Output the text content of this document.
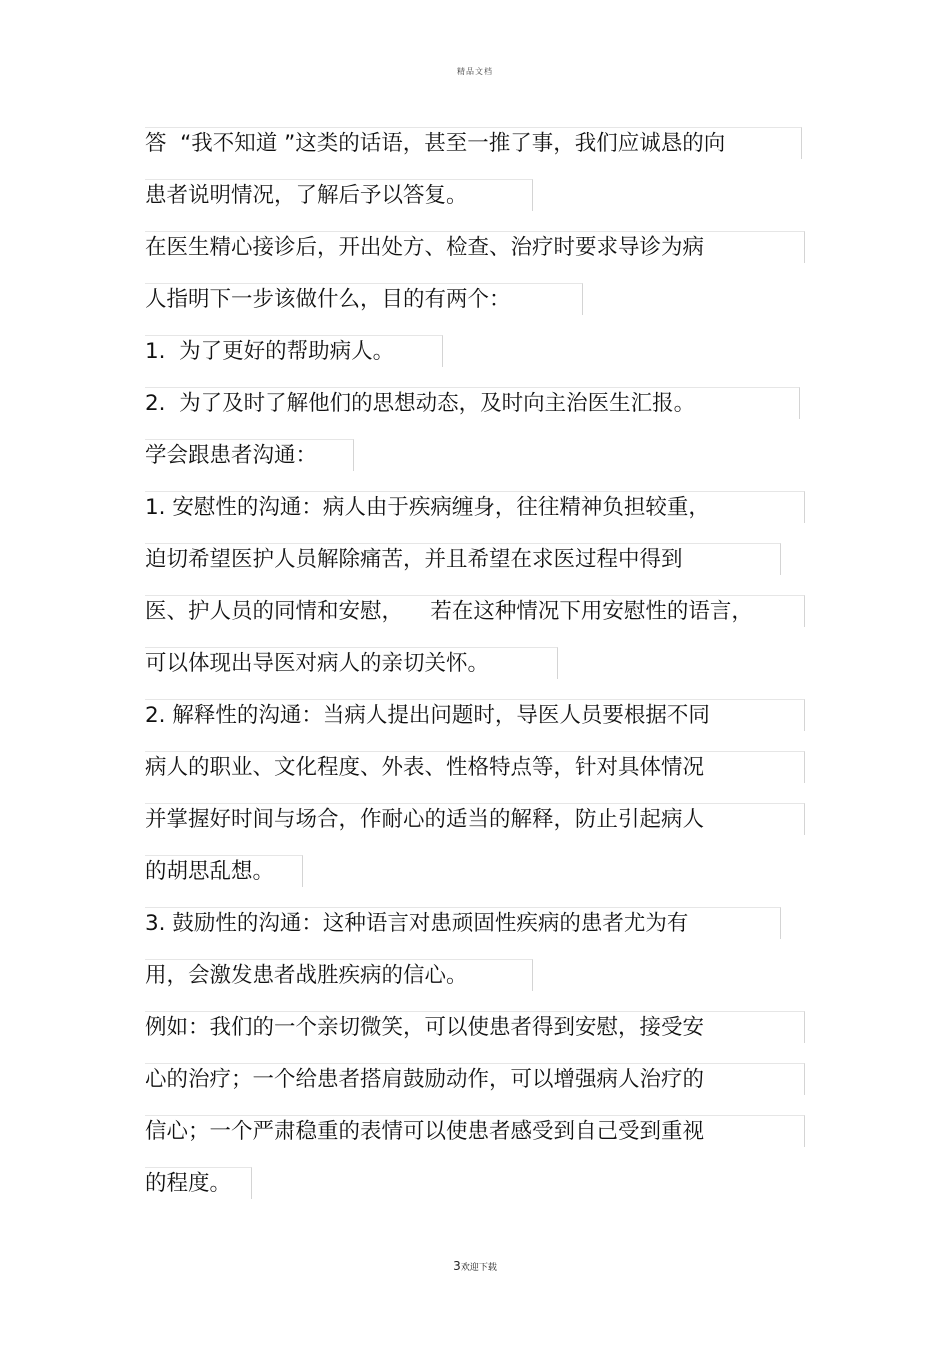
精品文档
答  “我不知道 ”这类的话语，甚至一推了事，我们应诚恳的向
患者说明情况，了解后予以答复。
在医生精心接诊后，开出处方、检查、治疗时要求导诊为病
人指明下一步该做什么，目的有两个：
1.  为了更好的帮助病人。
2.  为了及时了解他们的思想动态，及时向主治医生汇报。
学会跟患者沟通：
1. 安慰性的沟通：病人由于疾病缠身，往往精神负担较重，
迫切希望医护人员解除痛苦，并且希望在求医过程中得到
医、护人员的同情和安慰，    若在这种情况下用安慰性的语言，
可以体现出导医对病人的亲切关怀。
2. 解释性的沟通：当病人提出问题时，导医人员要根据不同
病人的职业、文化程度、外表、性格特点等，针对具体情况
并掌握好时间与场合，作耐心的适当的解释，防止引起病人
的胡思乱想。
3. 鼓励性的沟通：这种语言对患顽固性疾病的患者尤为有
用，会激发患者战胜疾病的信心。
例如：我们的一个亲切微笑，可以使患者得到安慰，接受安
心的治疗；一个给患者搭肩鼓励动作，可以增强病人治疗的
信心；一个严肃稳重的表情可以使患者感受到自己受到重视
的程度。
3欢迎下载
